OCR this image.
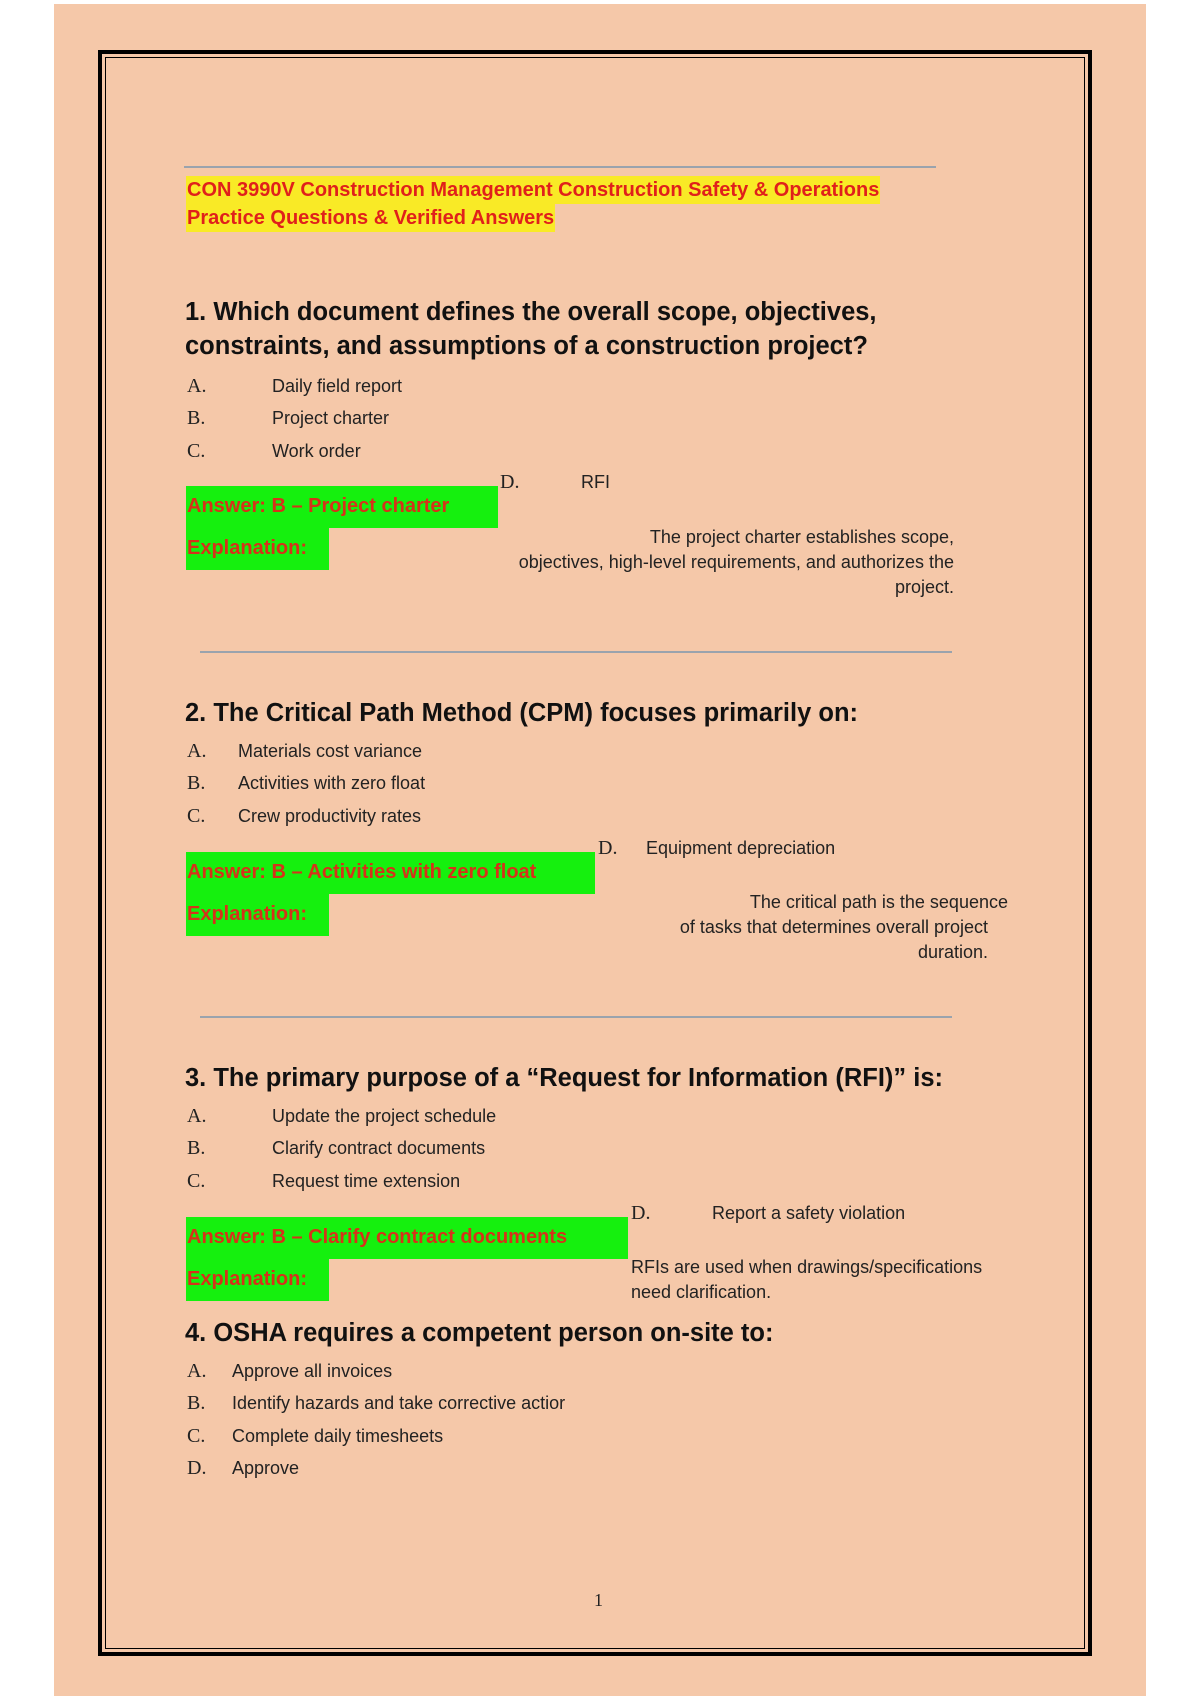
CON 3990V Construction Management Construction Safety & Operations
Practice Questions & Verified Answers
1. Which document defines the overall scope, objectives,
constraints, and assumptions of a construction project?
A.	Daily field report
B.	Project charter
C.	Work order
D.	RFI
Answer: B – Project charter
Explanation:	The project charter establishes scope,
objectives, high-level requirements, and authorizes the
project.
2. The Critical Path Method (CPM) focuses primarily on:
A. Materials cost variance
B. Activities with zero float
C. Crew productivity rates
D. Equipment depreciation
Answer: B – Activities with zero float
Explanation:
The critical path is the sequence
of tasks that determines overall project
duration.
3. The primary purpose of a “Request for Information (RFI)” is:
A.	Update the project schedule
B.	Clarify contract documents
C.	Request time extension
D.	Report a safety violation
Answer: B – Clarify contract documents
Explanation:
RFIs are used when drawings/specifications
need clarification.
4. OSHA requires a competent person on-site to:
A. Approve all invoices
B. Identify hazards and take corrective actior
C. Complete daily timesheets
D. Approve
1
